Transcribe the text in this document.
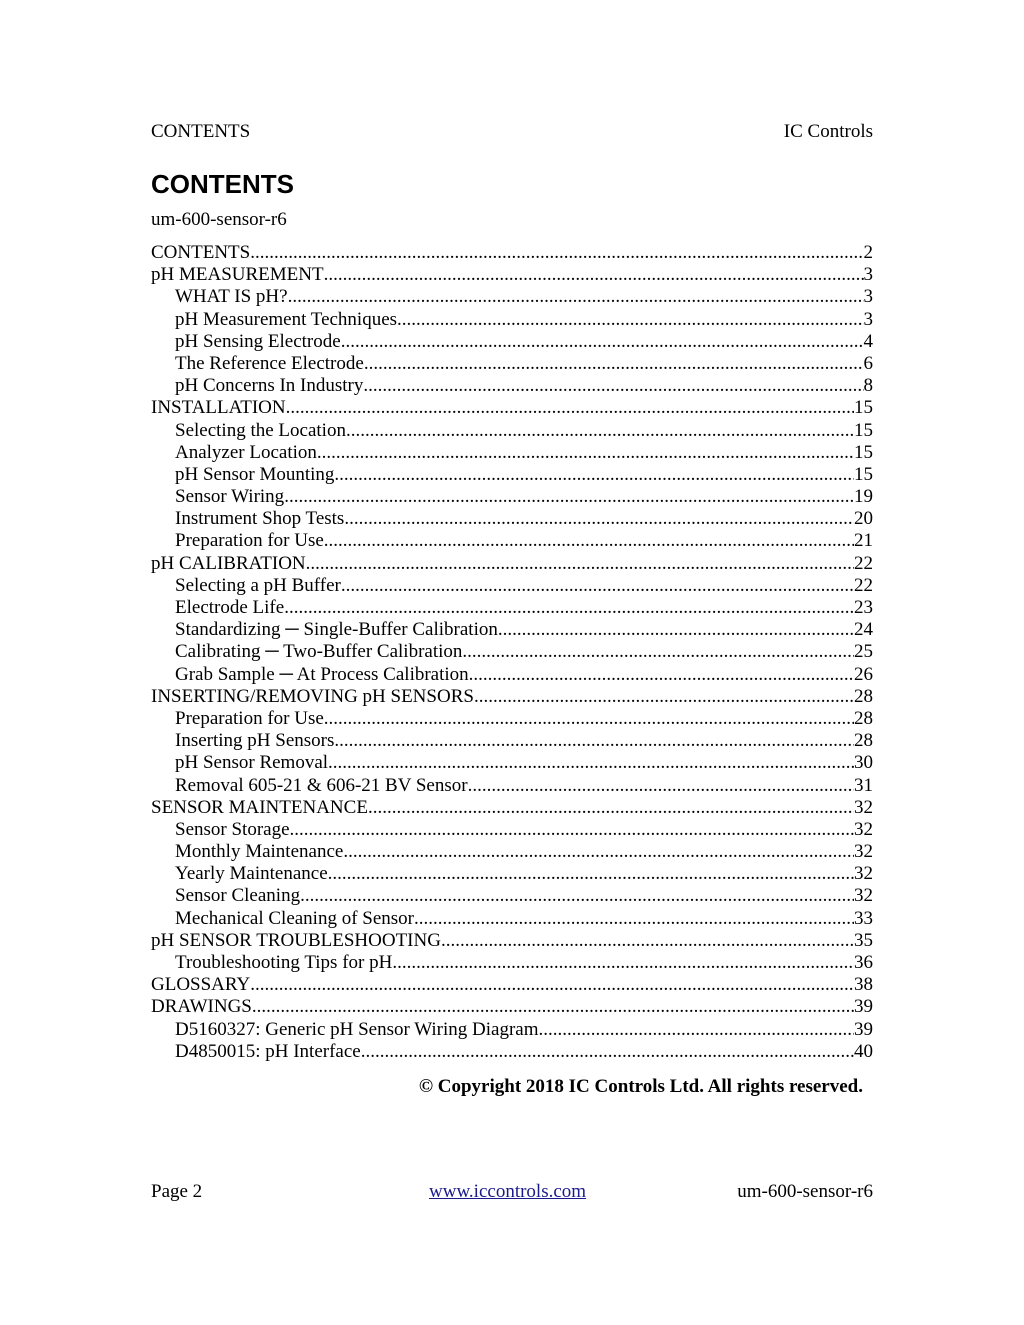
CONTENTS	IC Controls
CONTENTS
um-600-sensor-r6
CONTENTS .....	2
pH MEASUREMENT .....	3
WHAT IS pH? .....	3
pH Measurement Techniques .....	3
pH Sensing Electrode .....	4
The Reference Electrode .....	6
pH Concerns In Industry .....	8
INSTALLATION .....	15
Selecting the Location .....	15
Analyzer Location .....	15
pH Sensor Mounting .....	15
Sensor Wiring .....	19
Instrument Shop Tests .....	20
Preparation for Use .....	21
pH CALIBRATION .....	22
Selecting a pH Buffer .....	22
Electrode Life .....	23
Standardizing ─ Single-Buffer Calibration .....	24
Calibrating ─ Two-Buffer Calibration .....	25
Grab Sample ─ At Process Calibration .....	26
INSERTING/REMOVING pH SENSORS .....	28
Preparation for Use .....	28
Inserting pH Sensors .....	28
pH Sensor Removal .....	30
Removal 605-21 & 606-21 BV Sensor .....	31
SENSOR MAINTENANCE .....	32
Sensor Storage .....	32
Monthly Maintenance .....	32
Yearly Maintenance .....	32
Sensor Cleaning .....	32
Mechanical Cleaning of Sensor .....	33
pH SENSOR TROUBLESHOOTING .....	35
Troubleshooting Tips for pH .....	36
GLOSSARY .....	38
DRAWINGS .....	39
D5160327: Generic pH Sensor Wiring Diagram .....	39
D4850015: pH Interface .....	40
© Copyright 2018 IC Controls Ltd. All rights reserved.
Page 2	www.iccontrols.com	um-600-sensor-r6
